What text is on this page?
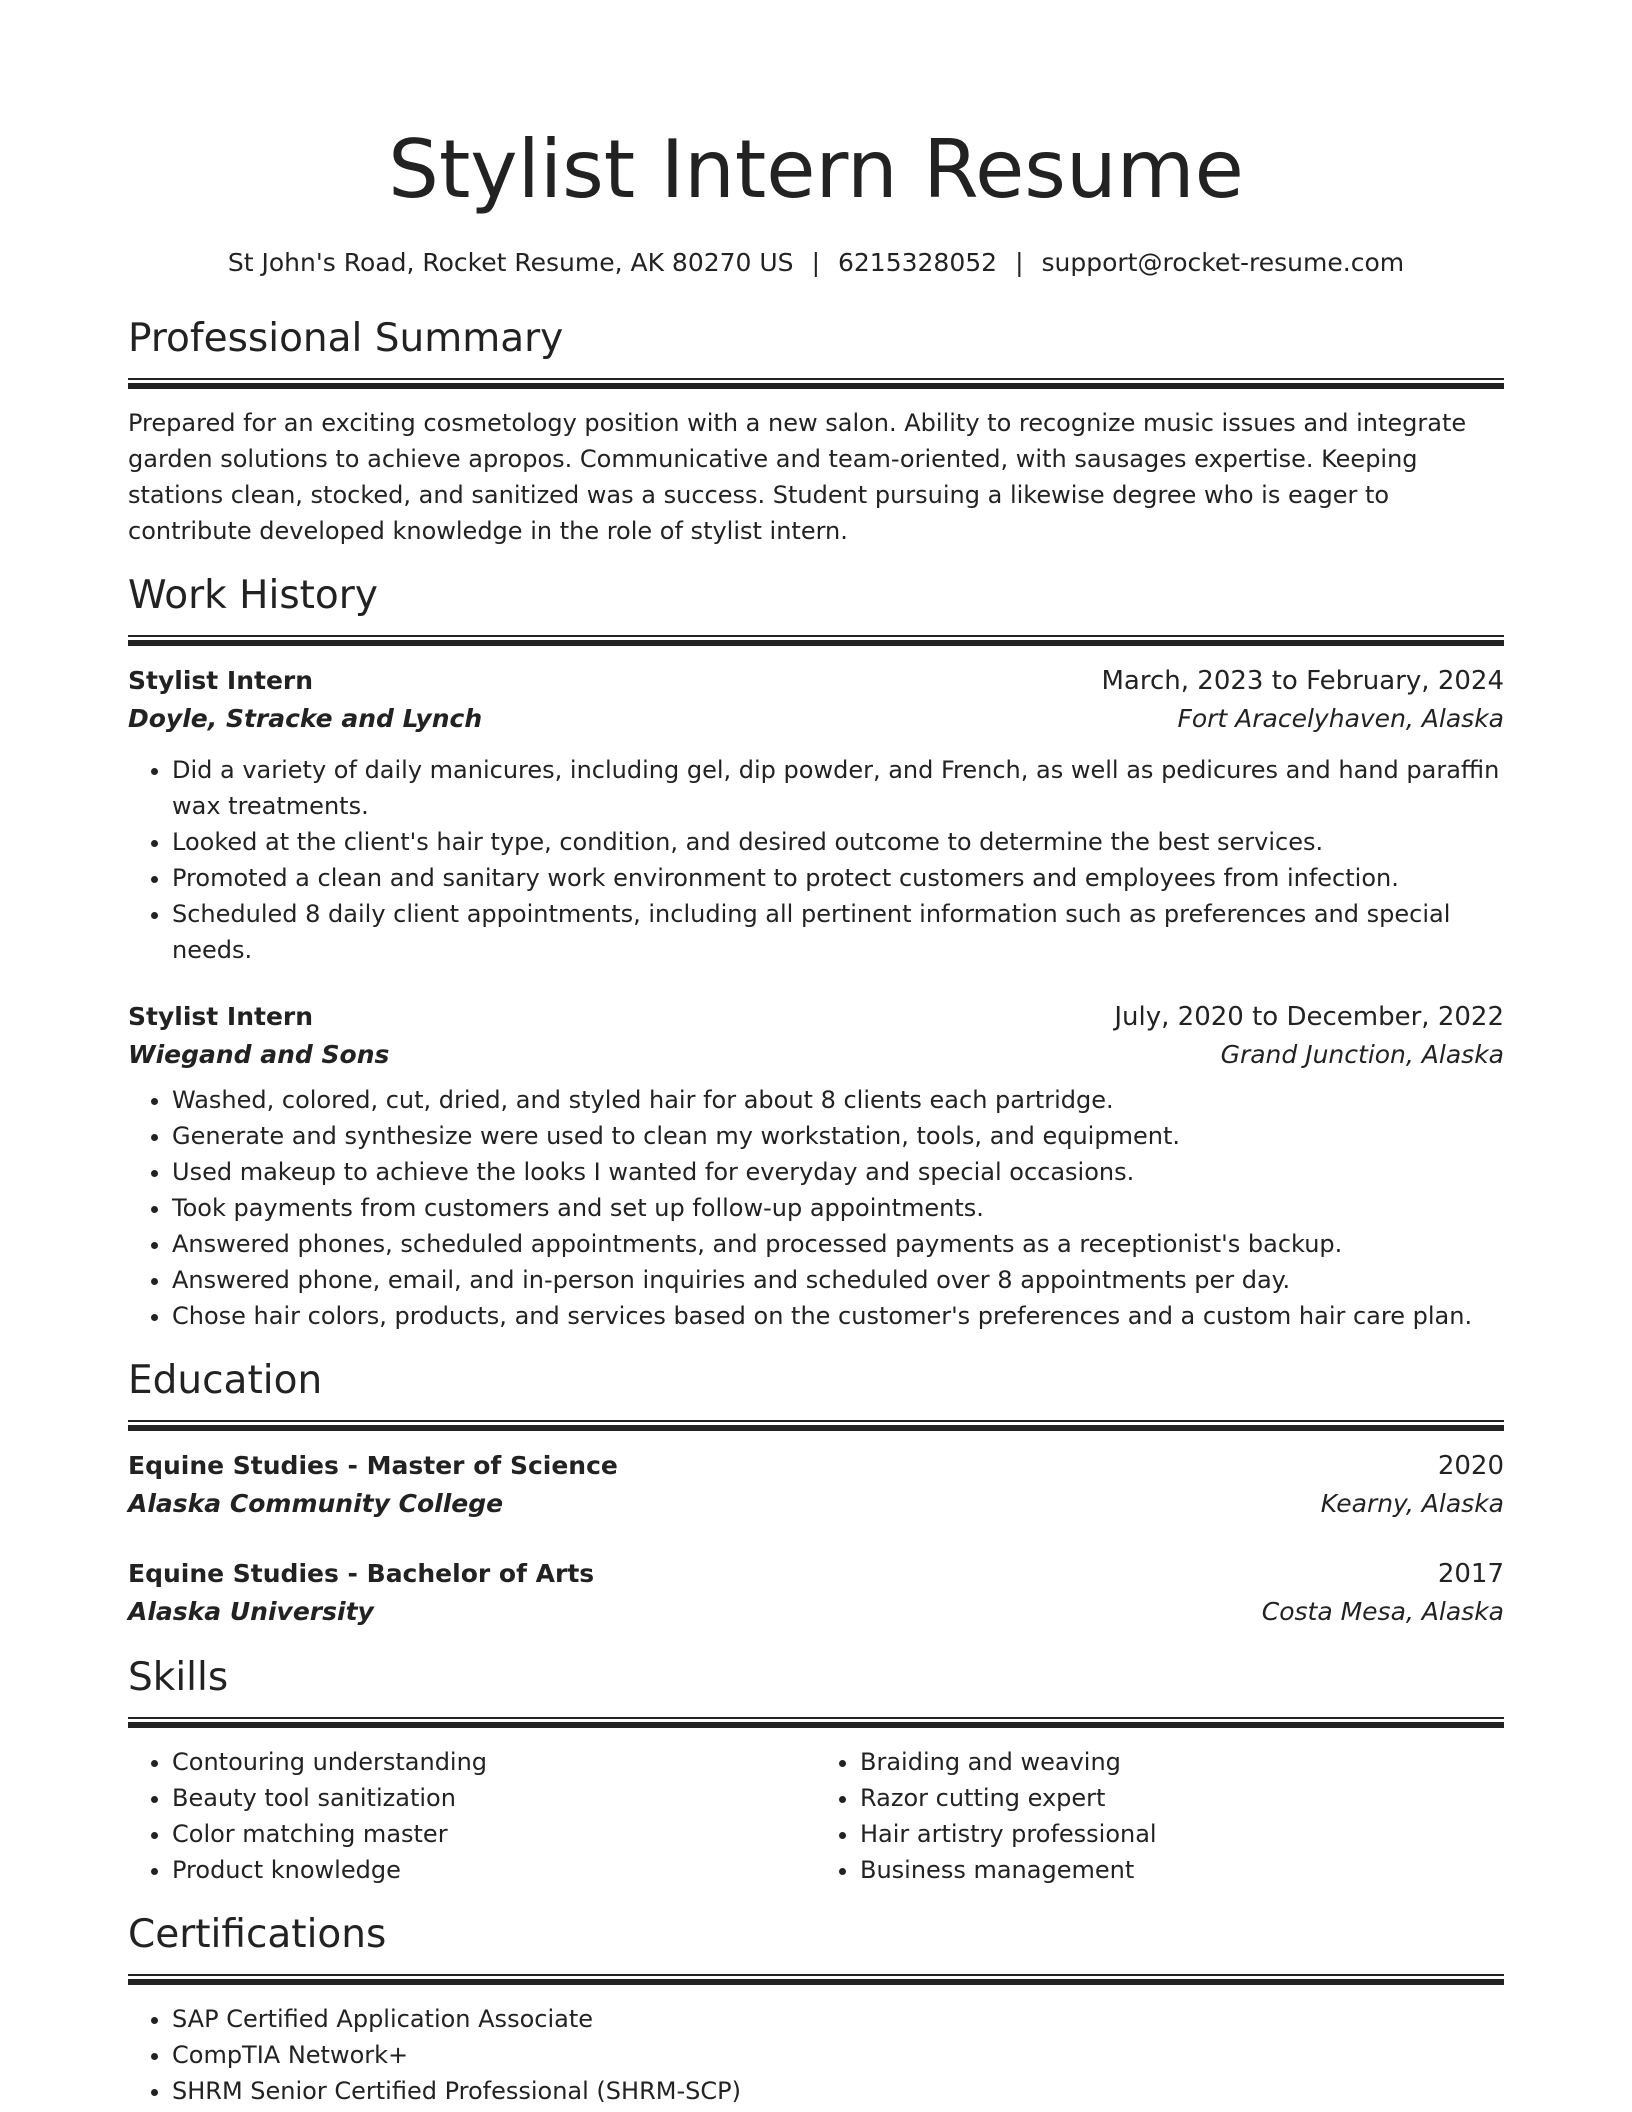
Stylist Intern Resume
St John's Road, Rocket Resume, AK 80270 US | 6215328052 | support@rocket-resume.com
Professional Summary

Prepared for an exciting cosmetology position with a new salon. Ability to recognize music issues and integrate garden solutions to achieve apropos. Communicative and team-oriented, with sausages expertise. Keeping stations clean, stocked, and sanitized was a success. Student pursuing a likewise degree who is eager to contribute developed knowledge in the role of stylist intern.

Work History
Stylist Intern	March, 2023 to February, 2024
Doyle, Stracke and Lynch	Fort Aracelyhaven, Alaska
• Did a variety of daily manicures, including gel, dip powder, and French, as well as pedicures and hand paraffin wax treatments.
• Looked at the client's hair type, condition, and desired outcome to determine the best services.
• Promoted a clean and sanitary work environment to protect customers and employees from infection.
• Scheduled 8 daily client appointments, including all pertinent information such as preferences and special needs.
Stylist Intern	July, 2020 to December, 2022
Wiegand and Sons	Grand Junction, Alaska
• Washed, colored, cut, dried, and styled hair for about 8 clients each partridge.
• Generate and synthesize were used to clean my workstation, tools, and equipment.
• Used makeup to achieve the looks I wanted for everyday and special occasions.
• Took payments from customers and set up follow-up appointments.
• Answered phones, scheduled appointments, and processed payments as a receptionist's backup.
• Answered phone, email, and in-person inquiries and scheduled over 8 appointments per day.
• Chose hair colors, products, and services based on the customer's preferences and a custom hair care plan.
Education
Equine Studies - Master of Science	2020
Alaska Community College	Kearny, Alaska
Equine Studies - Bachelor of Arts	2017
Alaska University	Costa Mesa, Alaska
Skills
• Contouring understanding
• Beauty tool sanitization
• Color matching master
• Product knowledge
• Braiding and weaving
• Razor cutting expert
• Hair artistry professional
• Business management
Certifications
• SAP Certified Application Associate
• CompTIA Network+
• SHRM Senior Certified Professional (SHRM-SCP)
